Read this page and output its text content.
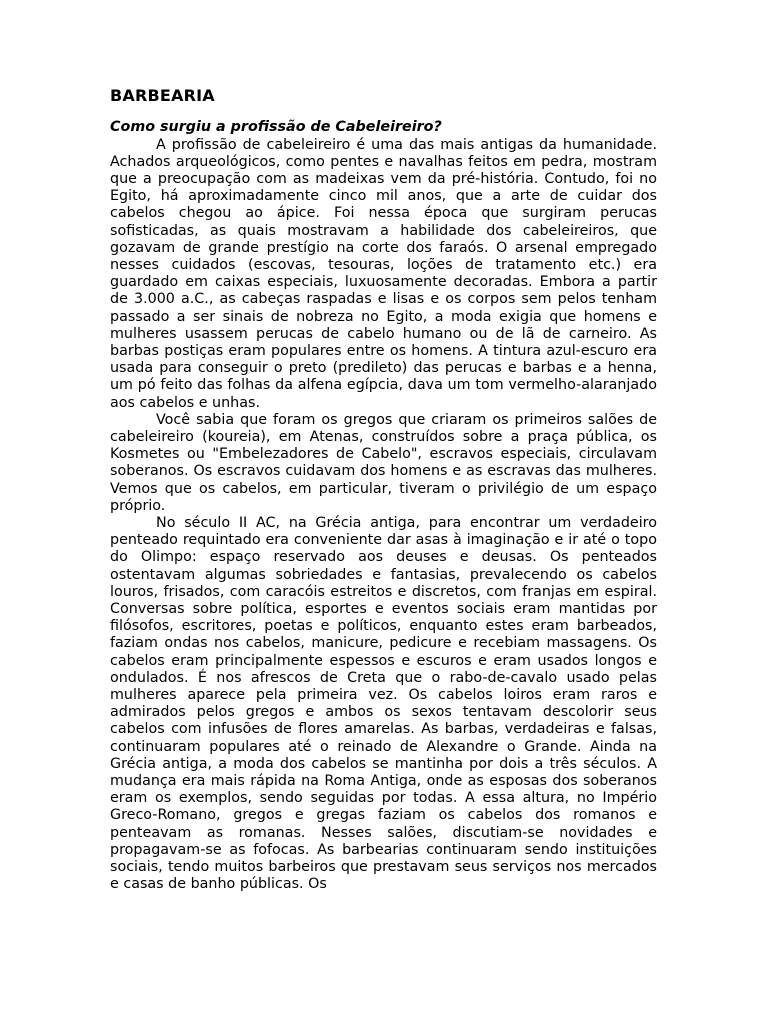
BARBEARIA

Como surgiu a profissão de Cabeleireiro?

A profissão de cabeleireiro é uma das mais antigas da humanidade. Achados arqueológicos, como pentes e navalhas feitos em pedra, mostram que a preocupação com as madeixas vem da pré-história. Contudo, foi no Egito, há aproximadamente cinco mil anos, que a arte de cuidar dos cabelos chegou ao ápice. Foi nessa época que surgiram perucas sofisticadas, as quais mostravam a habilidade dos cabeleireiros, que gozavam de grande prestígio na corte dos faraós. O arsenal empregado nesses cuidados (escovas, tesouras, loções de tratamento etc.) era guardado em caixas especiais, luxuosamente decoradas. Embora a partir de 3.000 a.C., as cabeças raspadas e lisas e os corpos sem pelos tenham passado a ser sinais de nobreza no Egito, a moda exigia que homens e mulheres usassem perucas de cabelo humano ou de lã de carneiro. As barbas postiças eram populares entre os homens. A tintura azul-escuro era usada para conseguir o preto (predileto) das perucas e barbas e a henna, um pó feito das folhas da alfena egípcia, dava um tom vermelho-alaranjado aos cabelos e unhas.

Você sabia que foram os gregos que criaram os primeiros salões de cabeleireiro (koureia), em Atenas, construídos sobre a praça pública, os Kosmetes ou "Embelezadores de Cabelo", escravos especiais, circulavam soberanos. Os escravos cuidavam dos homens e as escravas das mulheres. Vemos que os cabelos, em particular, tiveram o privilégio de um espaço próprio.

No século II AC, na Grécia antiga, para encontrar um verdadeiro penteado requintado era conveniente dar asas à imaginação e ir até o topo do Olimpo: espaço reservado aos deuses e deusas. Os penteados ostentavam algumas sobriedades e fantasias, prevalecendo os cabelos louros, frisados, com caracóis estreitos e discretos, com franjas em espiral. Conversas sobre política, esportes e eventos sociais eram mantidas por filósofos, escritores, poetas e políticos, enquanto estes eram barbeados, faziam ondas nos cabelos, manicure, pedicure e recebiam massagens. Os cabelos eram principalmente espessos e escuros e eram usados longos e ondulados. É nos afrescos de Creta que o rabo-de-cavalo usado pelas mulheres aparece pela primeira vez. Os cabelos loiros eram raros e admirados pelos gregos e ambos os sexos tentavam descolorir seus cabelos com infusões de flores amarelas. As barbas, verdadeiras e falsas, continuaram populares até o reinado de Alexandre o Grande. Ainda na Grécia antiga, a moda dos cabelos se mantinha por dois a três séculos. A mudança era mais rápida na Roma Antiga, onde as esposas dos soberanos eram os exemplos, sendo seguidas por todas. A essa altura, no Império Greco-Romano, gregos e gregas faziam os cabelos dos romanos e penteavam as romanas. Nesses salões, discutiam-se novidades e propagavam-se as fofocas. As barbearias continuaram sendo instituições sociais, tendo muitos barbeiros que prestavam seus serviços nos mercados e casas de banho públicas. Os
